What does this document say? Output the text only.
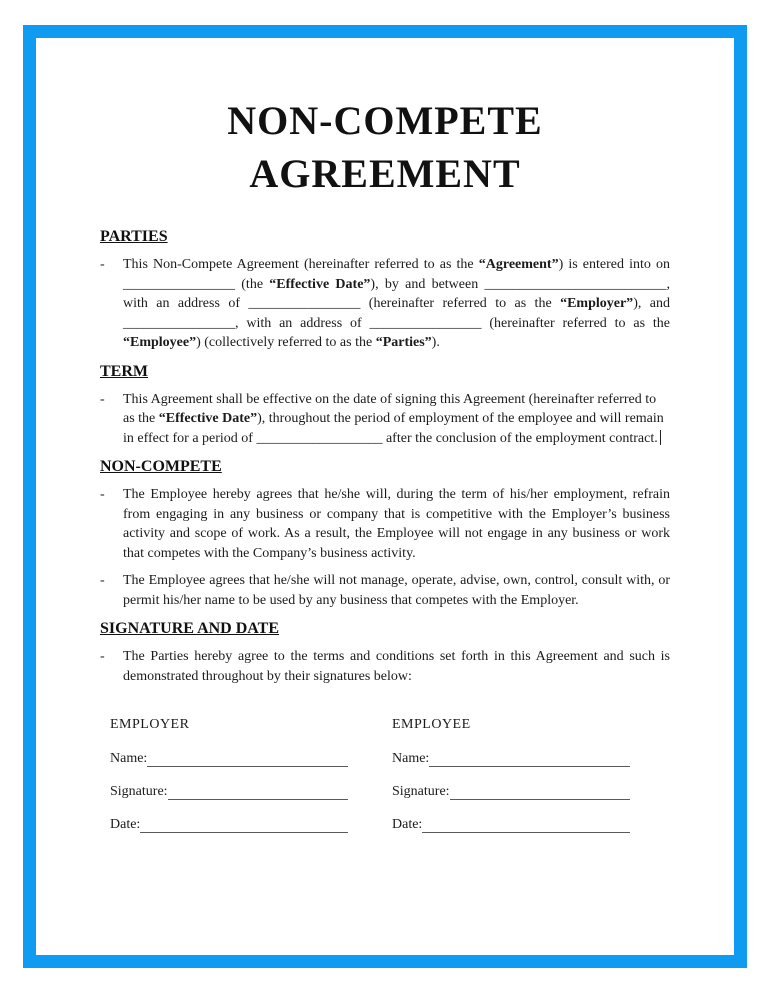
NON-COMPETE
AGREEMENT
PARTIES
-	This Non-Compete Agreement (hereinafter referred to as the “Agreement”) is entered into on ________________ (the “Effective Date”), by and between __________________________, with an address of ________________ (hereinafter referred to as the “Employer”), and ________________, with an address of ________________ (hereinafter referred to as the “Employee”) (collectively referred to as the “Parties”).
TERM
-	This Agreement shall be effective on the date of signing this Agreement (hereinafter referred to as the “Effective Date”), throughout the period of employment of the employee and will remain in effect for a period of __________________ after the conclusion of the employment contract.
NON-COMPETE
-	The Employee hereby agrees that he/she will, during the term of his/her employment, refrain from engaging in any business or company that is competitive with the Employer’s business activity and scope of work. As a result, the Employee will not engage in any business or work that competes with the Company’s business activity.
-	The Employee agrees that he/she will not manage, operate, advise, own, control, consult with, or permit his/her name to be used by any business that competes with the Employer.
SIGNATURE AND DATE
-	The Parties hereby agree to the terms and conditions set forth in this Agreement and such is demonstrated throughout by their signatures below:
EMPLOYER
Name:
Signature:
Date:
EMPLOYEE
Name:
Signature:
Date:
